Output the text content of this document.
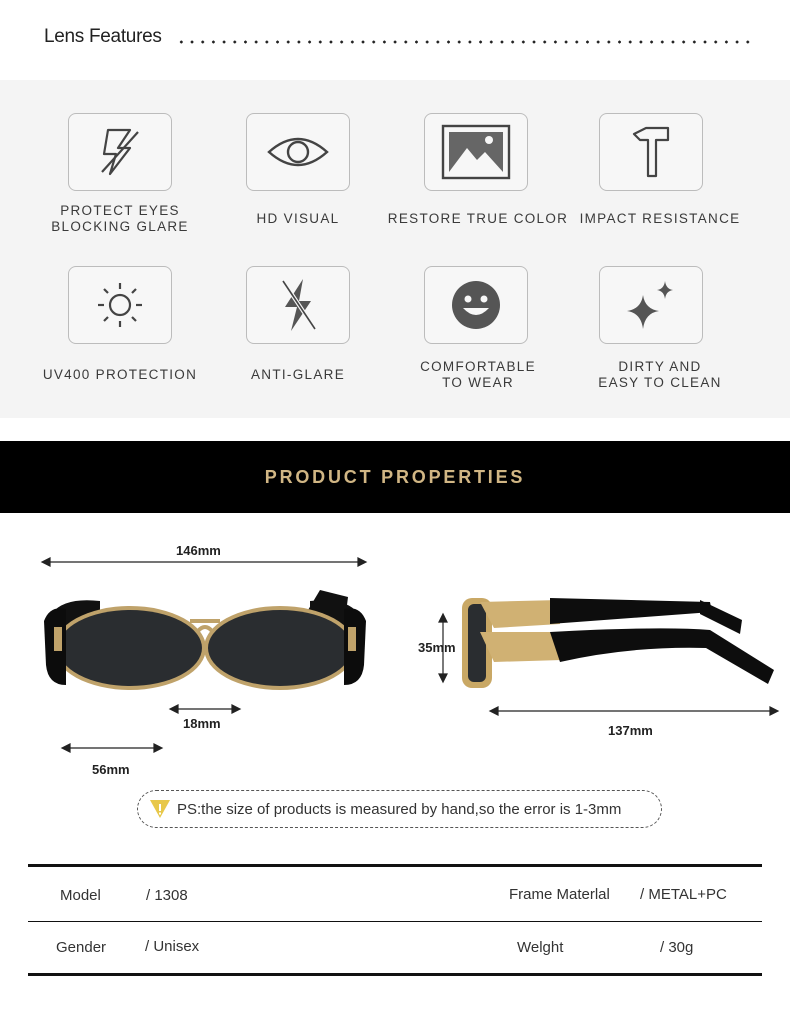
Lens Features
PROTECT EYES
BLOCKING GLARE	HD VISUAL	RESTORE TRUE COLOR IMPACT RESISTANCE
UV400 PROTECTION	ANTI-GLARE
COMFORTABLE
TO WEAR
DIRTY AND
EASY TO CLEAN
PRODUCT PROPERTIES
146mm
18mm
56mm
35mm
137mm
PS:the size of products is measured by hand,so the error is 1-3mm
Model	/ 1308	Frame Materlal / METAL+PC
Gender	/ Unisex	Welght	/ 30g
